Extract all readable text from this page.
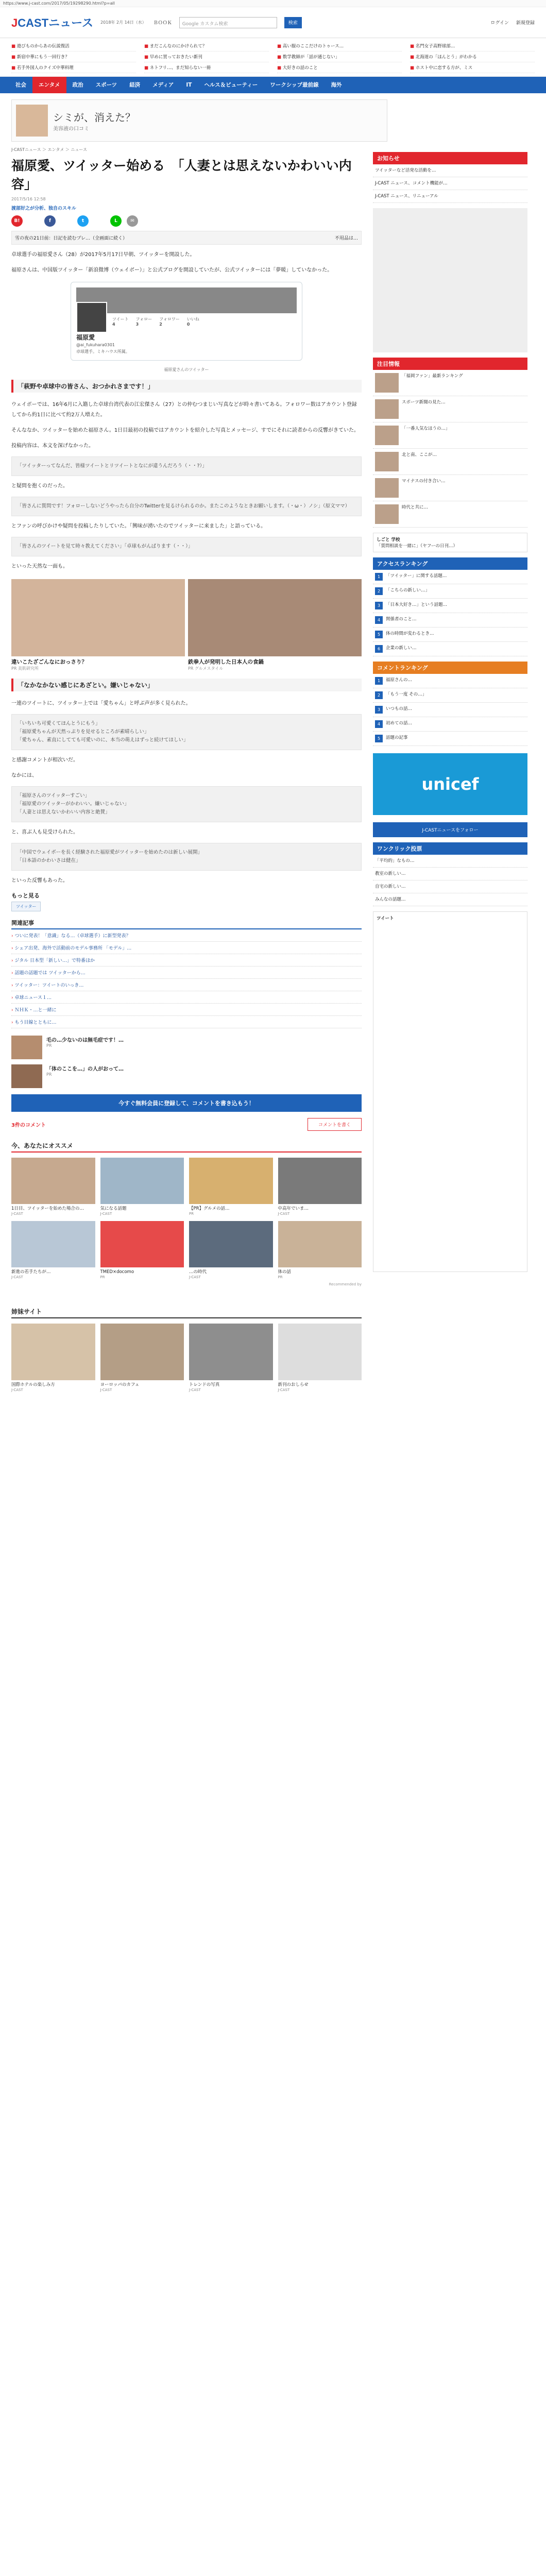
https://www.j-cast.com/2017/05/19298290.html?p=all
JCASTニュース 2018年 2月 14日（水） ＢＯＯＫ	Google カスタム検索	検索	ログイン 新規登録
■ 遊びものからあの伝説復活	■ まだこんなのにかけられて？	■ 高い服のここだけのトゥース…	■ 名門女子高野球部…
■ 新宿中華にもう一回行き？	■ 早めに買っておきたい新刊	■ 数学教師が「話が通じない」	■ 北海道の「ほんとう」がわかる
■ 若手外国人のクイズ中華料理	■ ネトフリ…、まだ知らない一冊	■ 大好きの話のこと	■ ホスト中に恋する方が、ミス
社会	エンタメ	政治	スポーツ	経済	メディア	IT	ヘルス＆ビューティー	ワークシップ最前線	海外
シミが、消えた？
美容液の口コミ
J-CASTニュース ＞ エンタメ ＞ ニュース
福原愛、ツイッター始める　「人妻とは思えないかわいい内容」
2017/5/16 12:58
渡部好之が分析、独自のスキル
B!	0	f	0	t	0	L	✉
雪の夜の21日前：日記を読むプレ…（全画面に続く）	不用品は…
卓球選手の福原愛さん（28）が2017年5月17日早朝、ツイッターを開設した。
福原さんは、中国版ツイッター「新浪微博（ウェイボー）」と公式ブログを開設していたが、公式ツイッターには「夢暖」していなかった。
ツイート
4
フォロー
3
フォロワー
2
いいね
0
福原愛
@ai_fukuhara0301
卓球選手。ミキハウス所属。
福原愛さんのツイッター
「萩野や卓球中の皆さん、おつかれさまです！」
ウェイボーでは、16年6月に入籍した卓球台湾代表の江宏傑さん（27）との仲むつまじい写真などが時々書いてある。フォロワー数はアカウント登録してから約1日に比べて約2万人増えた。
そんななか、ツイッターを始めた福原さん。1日目最初の投稿ではアカウントを紹介した写真とメッセージ、すでにそれに読者からの反響がきていた。
投稿内容は、本文を深げなかった。
「ツイッターってなんだ、皆様ツイートとリツイートとなにが違うんだろう（・・?）」
と疑問を抱くのだった。
「皆さんに質問です！フォローしないどうやったら自分のTwitterを見るけられるのか。またこのようなときお願いします。（・ω・）ノシ」（原文ママ）
とファンの呼びかけや疑問を投稿したりしていた。「興味が湧いたのでツイッターに来ました」と語っている。
「皆さんのツイートを見て時々教えてください」「卓球もがんばります（・・）」
といった天然な一面も。
違いこたざごんなにおっさり？
PR 美肌研究所
鉄拳人が発明した日本人の食鍋
PR グルメスタイル
「なかなかない感じにあざとい。嫌いじゃない」
一連のツイートに、ツイッター上では「愛ちゃん」と呼ぶ声が多く見られた。
「いちいち可愛くてほんとうにもう」
「福原愛ちゃんが天然っぷりを見せるところが素晴らしい」
「愛ちゃん、素直にしてても可愛いのに、本当の萌えはずっと続けてほしい」
と感謝コメントが相次いだ。
なかには、
「福原さんのツイッターすごい」
「福原愛のツイッターがかわいい。嫌いじゃない」
「人妻とは思えないかわいい内容と絶賛」
と、喜ぶ人も見受けられた。
「中国でウェイボーを長く経験された福原愛がツイッターを始めたのは新しい展開」
「日本語のかわいさは健在」
といった反響もあった。
もっと見る
ツイッター
関連記事
› ついに発表！「意識」なる…（卓球選手）に新型発表？
› シェア出発、海外で活動前のモデル事務所 「モデル」…
› ジタル 日本型「新しい…」で特番ほか
› 話題の話題では ツイッターから…
› ツイッター：ツイートのいっき…
› 卓球ニュース１…
› ＮＨＫ・…と一緒に
› もう目線とともに…
毛の…少ないのは無毛症です！…
PR
「体のここを…」の人がおって…
PR
今すぐ無料会員に登録して、コメントを書き込もう！
3件のコメント	コメントを書く
今、あなたにオススメ
1日目、ツイッターを始めた場合の…
J-CAST
気になる話題
J-CAST
【PR】グルメの話…
PR
中高年でいま…
J-CAST
新進の若手たちが…
J-CAST
TMED×docomo
PR
…の時代
J-CAST
体の話
PR
Recommended by
姉妹サイト
国際ホテルの楽しみ方
J-CAST
ヨーロッパのカフェ
J-CAST
トレンドの写真
J-CAST
新刊のおしらせ
J-CAST
お知らせ
ツイッターなど活発な活動を…
J-CAST ニュース、コメント機能が…
J-CAST ニュース、リニューアル
注目情報
「福岡ファン」最新ランキング
スポーツ新聞の見た…
「一番人気なほうの…」
北と南、ここが…
マイナスの付き合い…
時代と共に…
しごと 学校
「質問相談を一緒に」（ヤフーの日刊…）
アクセスランキング
1	「ツイッター」に関する話題…
2	「こちらの新しい…」
3	「日本大好き…」という話題…
4	関係者のこと…
5	体の時間が変わるとき…
6	企業の新しい…
コメントランキング
1	福原さんの…
2	「もう一度 その…」
3	いつもの話…
4	初めての話…
5	話題の記事
unicef
J-CASTニュースをフォロー
ワンクリック投票
「平均的」なもの…
教室の新しい…
自宅の新しい…
みんなの話題…
ツイート
